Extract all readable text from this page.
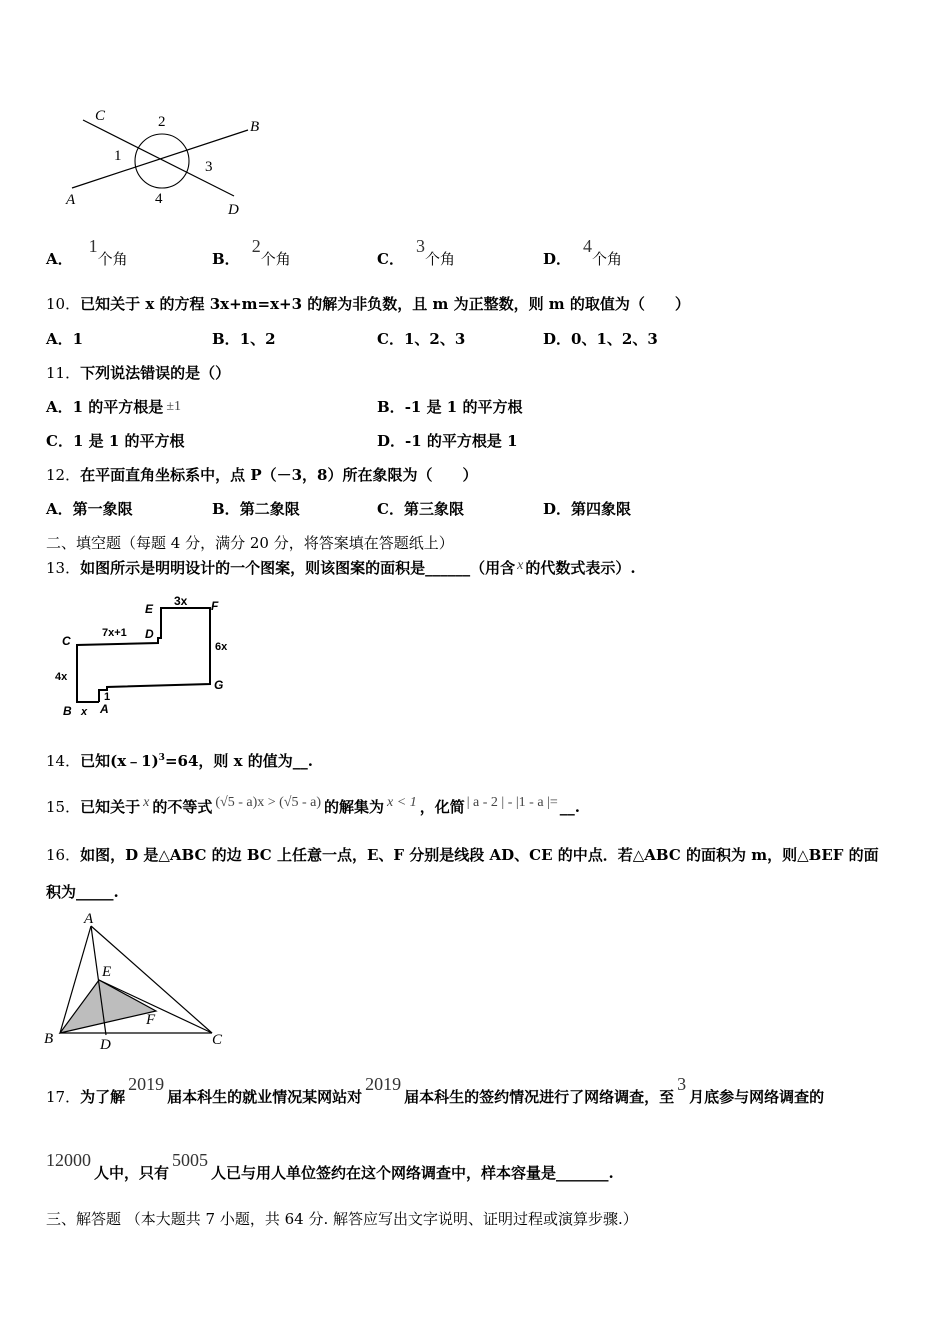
C	2	B
1
3
A	4
D
A．1个角	B．2个角	C．3个角	D．4个角
10．已知关于 x 的方程 3x+m=x+3 的解为非负数，且 m 为正整数，则 m 的取值为（　　）
A．1	B．1、2	C．1、2、3	D．0、1、2、3
11．下列说法错误的是（）
A．1 的平方根是 ±1	B．-1 是 1 的平方根
C．1 是 1 的平方根	D．-1 的平方根是 1
12．在平面直角坐标系中，点 P（－3，8）所在象限为（　　）
A．第一象限	B．第二象限	C．第三象限	D．第四象限
二、填空题（每题 4 分，满分 20 分，将答案填在答题纸上）
13．如图所示是明明设计的一个图案，则该图案的面积是______（用含 x 的代数式表示）.
E
3x F
C
7x+1 D
6x
4x
G
1
B x A
14．已知(x﹣1)$^3$=64，则 x 的值为__.
15．已知关于 x 的不等式 (√5 - a)x > (√5 - a) 的解集为 x < 1 ，化简 | a - 2 | - |1 - a |= __.
16．如图，D 是△ABC 的边 BC 上任意一点，E、F 分别是线段 AD、CE 的中点．若△ABC 的面积为 m，则△BEF 的面
积为_____.
A
E
F
B	D	C
17．为了解2019届本科生的就业情况某网站对2019届本科生的签约情况进行了网络调查，至3月底参与网络调查的
12000人中，只有5005人已与用人单位签约在这个网络调查中，样本容量是_______.
三、解答题 （本大题共 7 小题，共 64 分. 解答应写出文字说明、证明过程或演算步骤.）
